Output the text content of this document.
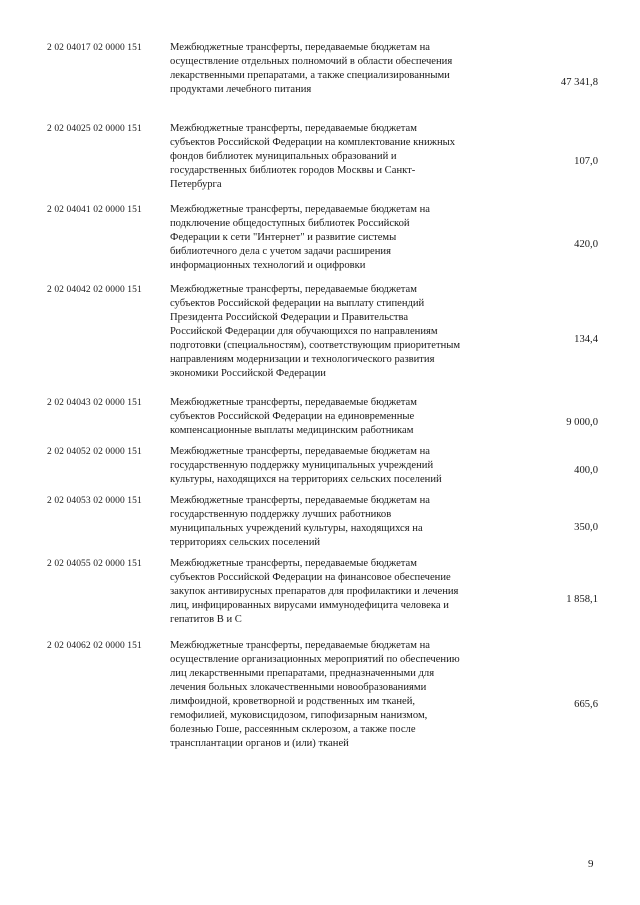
2 02 04017 02 0000 151	Межбюджетные трансферты, передаваемые бюджетам на
осуществление отдельных полномочий в области обеспечения
лекарственными препаратами, а также специализированными
продуктами лечебного питания
47 341,8
2 02 04025 02 0000 151	Межбюджетные трансферты, передаваемые бюджетам
субъектов Российской Федерации на комплектование книжных
фондов библиотек муниципальных образований и
государственных библиотек городов Москвы и Санкт-
Петербурга
107,0
2 02 04041 02 0000 151	Межбюджетные трансферты, передаваемые бюджетам на
подключение общедоступных библиотек Российской
Федерации к сети "Интернет" и развитие системы
библиотечного дела с учетом задачи расширения
информационных технологий и оцифровки
420,0
2 02 04042 02 0000 151	Межбюджетные трансферты, передаваемые бюджетам
субъектов Российской федерации на выплату стипендий
Президента Российской Федерации и Правительства
Российской Федерации для обучающихся по направлениям
подготовки (специальностям), соответствующим приоритетным
направлениям модернизации и технологического развития
экономики Российской Федерации
134,4
2 02 04043 02 0000 151	Межбюджетные трансферты, передаваемые бюджетам
субъектов Российской Федерации на единовременные
компенсационные выплаты медицинским работникам
9 000,0
2 02 04052 02 0000 151	Межбюджетные трансферты, передаваемые бюджетам на
государственную поддержку муниципальных учреждений
культуры, находящихся на территориях сельских поселений
400,0
2 02 04053 02 0000 151	Межбюджетные трансферты, передаваемые бюджетам на
государственную поддержку лучших работников
муниципальных учреждений культуры, находящихся на
территориях сельских поселений
350,0
2 02 04055 02 0000 151	Межбюджетные трансферты, передаваемые бюджетам
субъектов Российской Федерации на финансовое обеспечение
закупок антивирусных препаратов для профилактики и лечения
лиц, инфицированных вирусами иммунодефицита человека и
гепатитов В и С
1 858,1
2 02 04062 02 0000 151	Межбюджетные трансферты, передаваемые бюджетам на
осуществление организационных мероприятий по обеспечению
лиц лекарственными препаратами, предназначенными для
лечения больных злокачественными новообразованиями
лимфоидной, кроветворной и родственных им тканей,
гемофилией, муковисцидозом, гипофизарным нанизмом,
болезнью Гоше, рассеянным склерозом, а также после
трансплантации органов и (или) тканей
665,6
9
